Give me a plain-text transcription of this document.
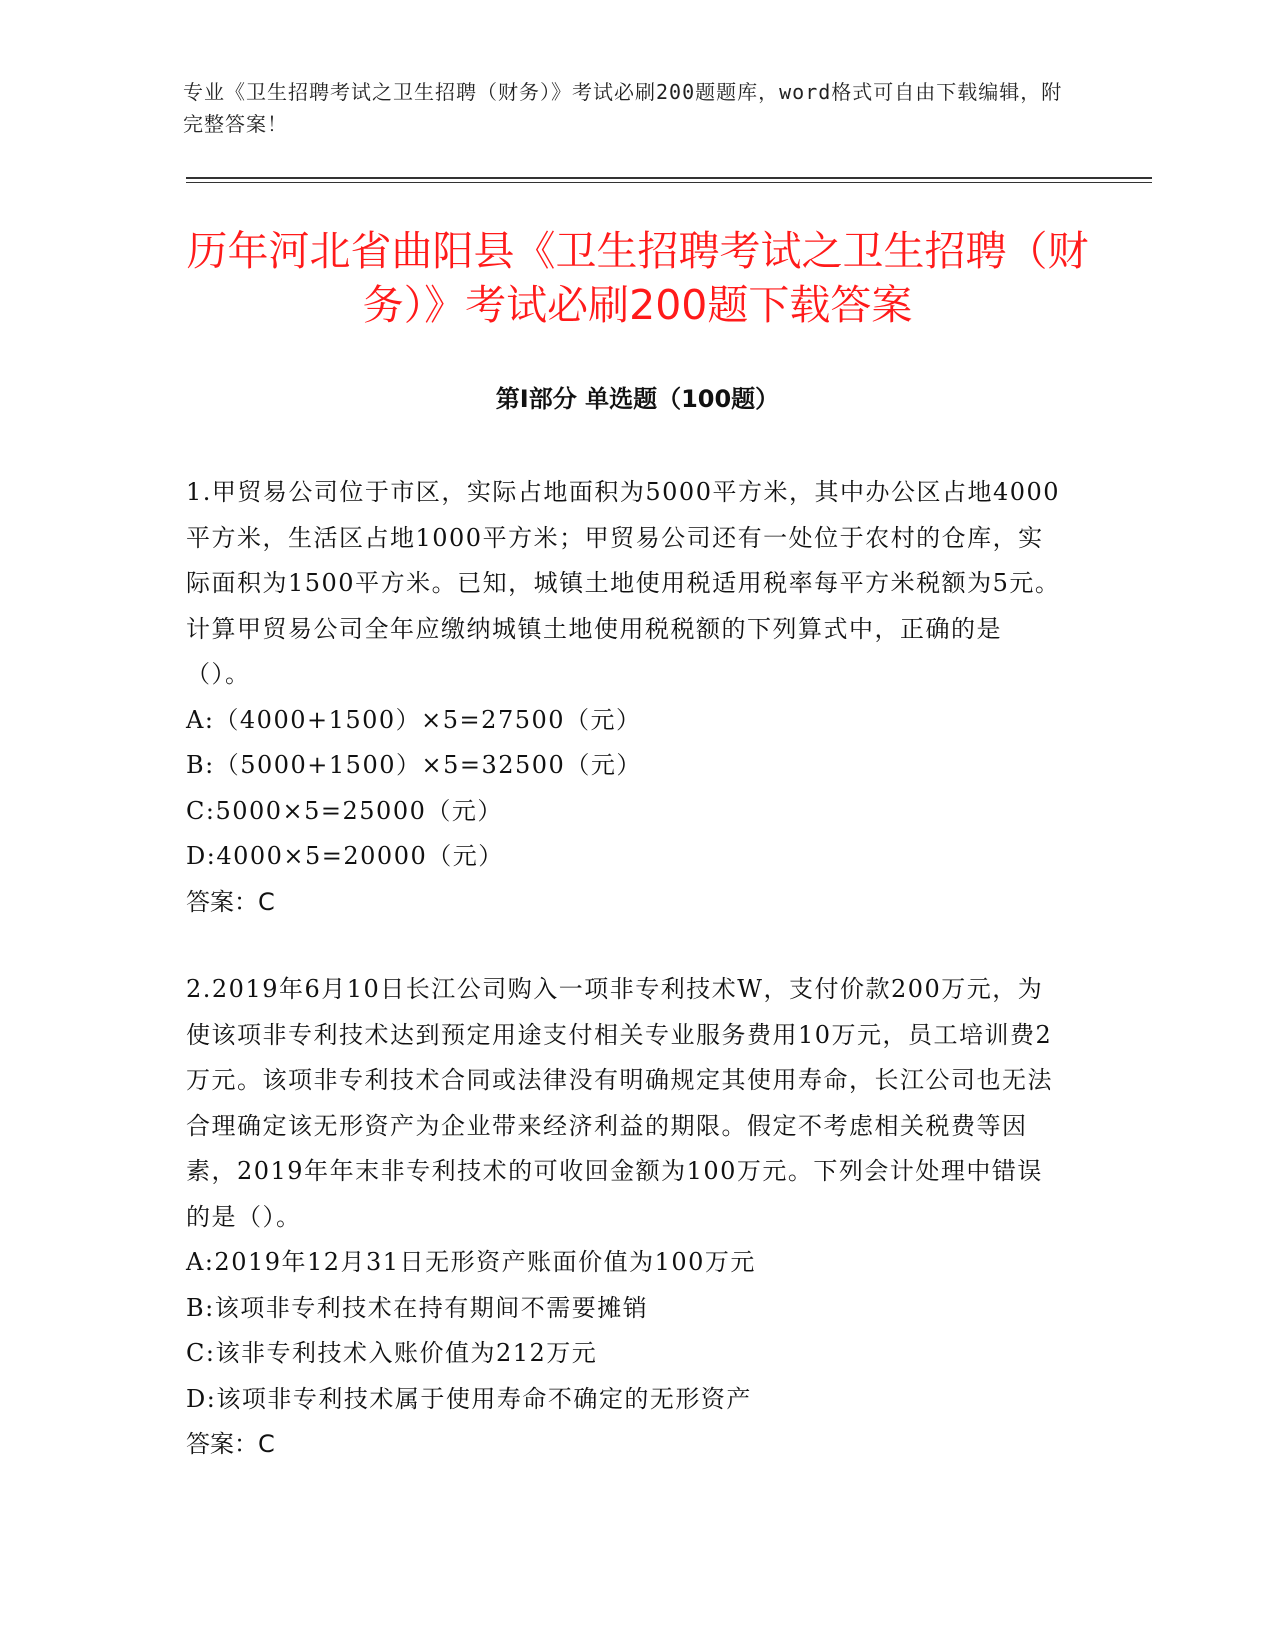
专业《卫生招聘考试之卫生招聘（财务）》考试必刷200题题库，word格式可自由下载编辑，附完整答案！

历年河北省曲阳县《卫生招聘考试之卫生招聘（财务）》考试必刷200题下载答案
第Ⅰ部分 单选题（100题）

1.甲贸易公司位于市区，实际占地面积为5000平方米，其中办公区占地4000平方米，生活区占地1000平方米；甲贸易公司还有一处位于农村的仓库，实际面积为1500平方米。已知，城镇土地使用税适用税率每平方米税额为5元。计算甲贸易公司全年应缴纳城镇土地使用税税额的下列算式中，正确的是（）。

A:（4000+1500）×5=27500（元）

B:（5000+1500）×5=32500（元）

C:5000×5=25000（元）

D:4000×5=20000（元）

答案：C

2.2019年6月10日长江公司购入一项非专利技术W，支付价款200万元，为使该项非专利技术达到预定用途支付相关专业服务费用10万元，员工培训费2万元。该项非专利技术合同或法律没有明确规定其使用寿命，长江公司也无法合理确定该无形资产为企业带来经济利益的期限。假定不考虑相关税费等因素，2019年年末非专利技术的可收回金额为100万元。下列会计处理中错误的是（）。

A:2019年12月31日无形资产账面价值为100万元

B:该项非专利技术在持有期间不需要摊销

C:该非专利技术入账价值为212万元

D:该项非专利技术属于使用寿命不确定的无形资产

答案：C
